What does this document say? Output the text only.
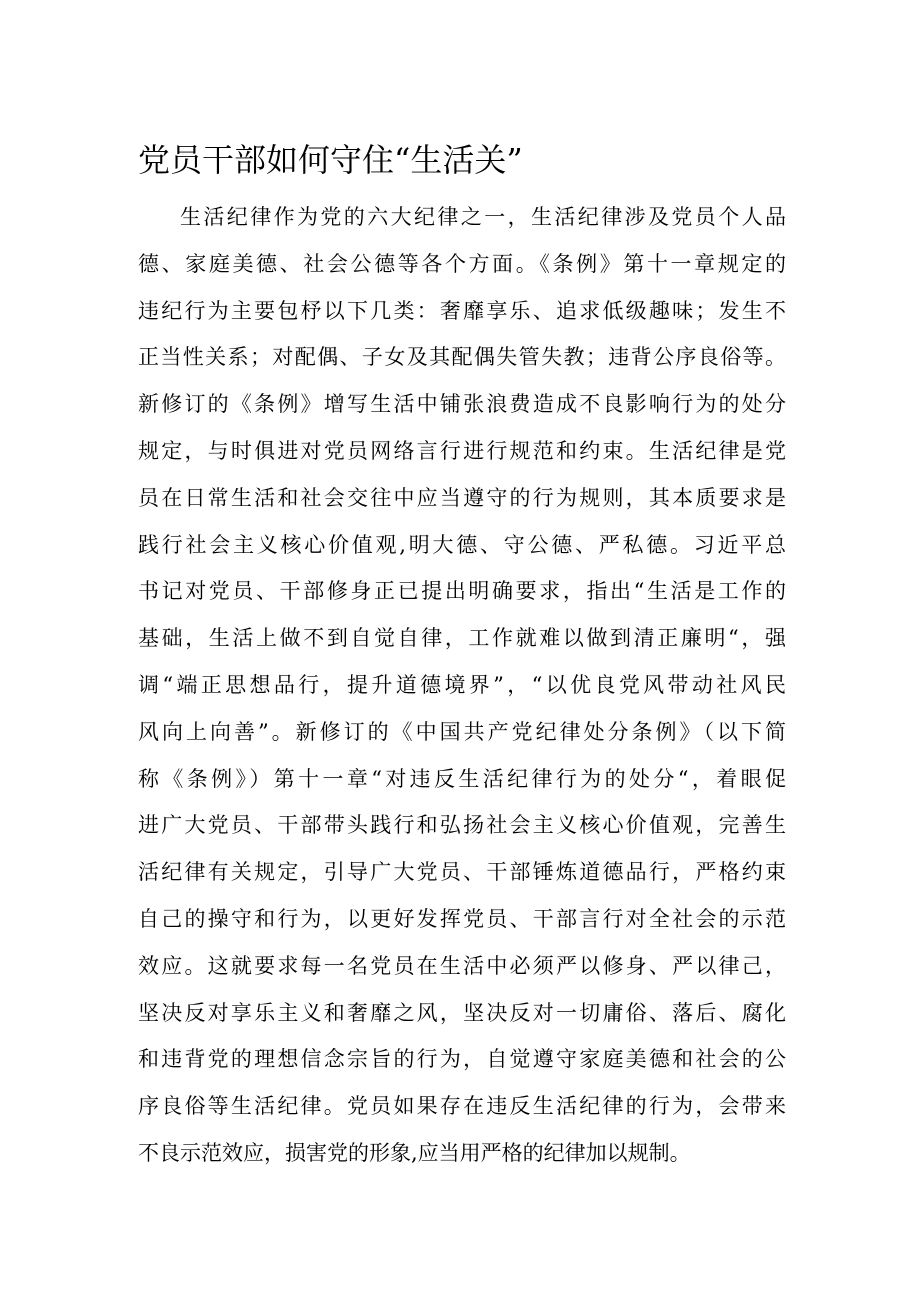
党员干部如何守住“生活关”
生活纪律作为党的六大纪律之一，生活纪律涉及党员个人品
德、家庭美德、社会公德等各个方面。《条例》第十一章规定的
违纪行为主要包杼以下几类：奢靡享乐、追求低级趣味；发生不
正当性关系；对配偶、子女及其配偶失管失教；违背公序良俗等。
新修订的《条例》增写生活中铺张浪费造成不良影响行为的处分
规定，与时俱进对党员网络言行进行规范和约束。生活纪律是党
员在日常生活和社会交往中应当遵守的行为规则，其本质要求是
践行社会主义核心价值观,明大德、守公德、严私德。习近平总
书记对党员、干部修身正已提出明确要求，指出“生活是工作的
基础，生活上做不到自觉自律，工作就难以做到清正廉明“，强
调“端正思想品行，提升道德境界”，“以优良党风带动社风民
风向上向善”。新修订的《中国共产党纪律处分条例》（以下简
称《条例》）第十一章“对违反生活纪律行为的处分“，着眼促
进广大党员、干部带头践行和弘扬社会主义核心价值观，完善生
活纪律有关规定，引导广大党员、干部锤炼道德品行，严格约束
自己的操守和行为，以更好发挥党员、干部言行对全社会的示范
效应。这就要求每一名党员在生活中必须严以修身、严以律己，
坚决反对享乐主义和奢靡之风，坚决反对一切庸俗、落后、腐化
和违背党的理想信念宗旨的行为，自觉遵守家庭美德和社会的公
序良俗等生活纪律。党员如果存在违反生活纪律的行为，会带来
不良示范效应，损害党的形象,应当用严格的纪律加以规制。
